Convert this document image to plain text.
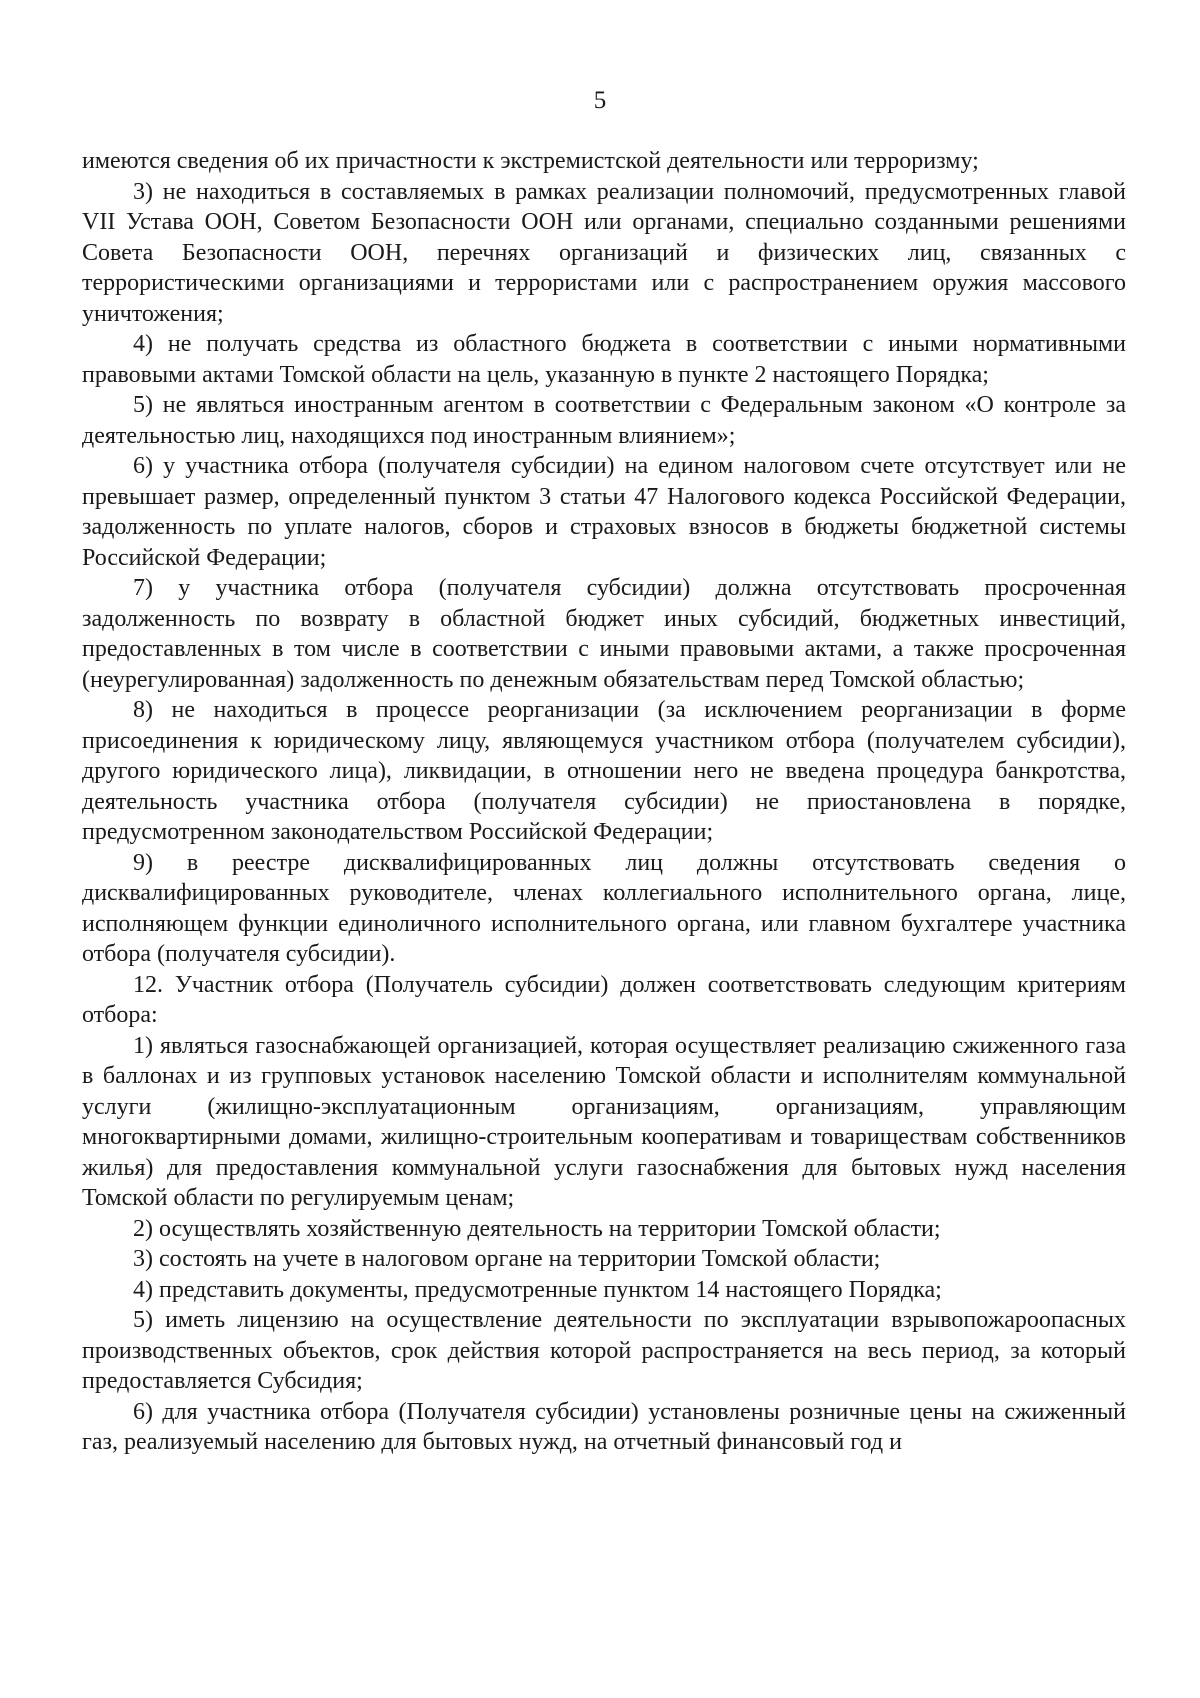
5

имеются сведения об их причастности к экстремистской деятельности или терроризму;

3) не находиться в составляемых в рамках реализации полномочий, предусмотренных главой VII Устава ООН, Советом Безопасности ООН или органами, специально созданными решениями Совета Безопасности ООН, перечнях организаций и физических лиц, связанных с террористическими организациями и террористами или с распространением оружия массового уничтожения;

4) не получать средства из областного бюджета в соответствии с иными нормативными правовыми актами Томской области на цель, указанную в пункте 2 настоящего Порядка;

5) не являться иностранным агентом в соответствии с Федеральным законом «О контроле за деятельностью лиц, находящихся под иностранным влиянием»;

6) у участника отбора (получателя субсидии) на едином налоговом счете отсутствует или не превышает размер, определенный пунктом 3 статьи 47 Налогового кодекса Российской Федерации, задолженность по уплате налогов, сборов и страховых взносов в бюджеты бюджетной системы Российской Федерации;

7) у участника отбора (получателя субсидии) должна отсутствовать просроченная задолженность по возврату в областной бюджет иных субсидий, бюджетных инвестиций, предоставленных в том числе в соответствии с иными правовыми актами, а также просроченная (неурегулированная) задолженность по денежным обязательствам перед Томской областью;

8) не находиться в процессе реорганизации (за исключением реорганизации в форме присоединения к юридическому лицу, являющемуся участником отбора (получателем субсидии), другого юридического лица), ликвидации, в отношении него не введена процедура банкротства, деятельность участника отбора (получателя субсидии) не приостановлена в порядке, предусмотренном законодательством Российской Федерации;

9) в реестре дисквалифицированных лиц должны отсутствовать сведения о дисквалифицированных руководителе, членах коллегиального исполнительного органа, лице, исполняющем функции единоличного исполнительного органа, или главном бухгалтере участника отбора (получателя субсидии).

12. Участник отбора (Получатель субсидии) должен соответствовать следующим критериям отбора:

1) являться газоснабжающей организацией, которая осуществляет реализацию сжиженного газа в баллонах и из групповых установок населению Томской области и исполнителям коммунальной услуги (жилищно-эксплуатационным организациям, организациям, управляющим многоквартирными домами, жилищно-строительным кооперативам и товариществам собственников жилья) для предоставления коммунальной услуги газоснабжения для бытовых нужд населения Томской области по регулируемым ценам;

2) осуществлять хозяйственную деятельность на территории Томской области;

3) состоять на учете в налоговом органе на территории Томской области;

4) представить документы, предусмотренные пунктом 14 настоящего Порядка;

5) иметь лицензию на осуществление деятельности по эксплуатации взрывопожароопасных производственных объектов, срок действия которой распространяется на весь период, за который предоставляется Субсидия;

6) для участника отбора (Получателя субсидии) установлены розничные цены на сжиженный газ, реализуемый населению для бытовых нужд, на отчетный финансовый год и
